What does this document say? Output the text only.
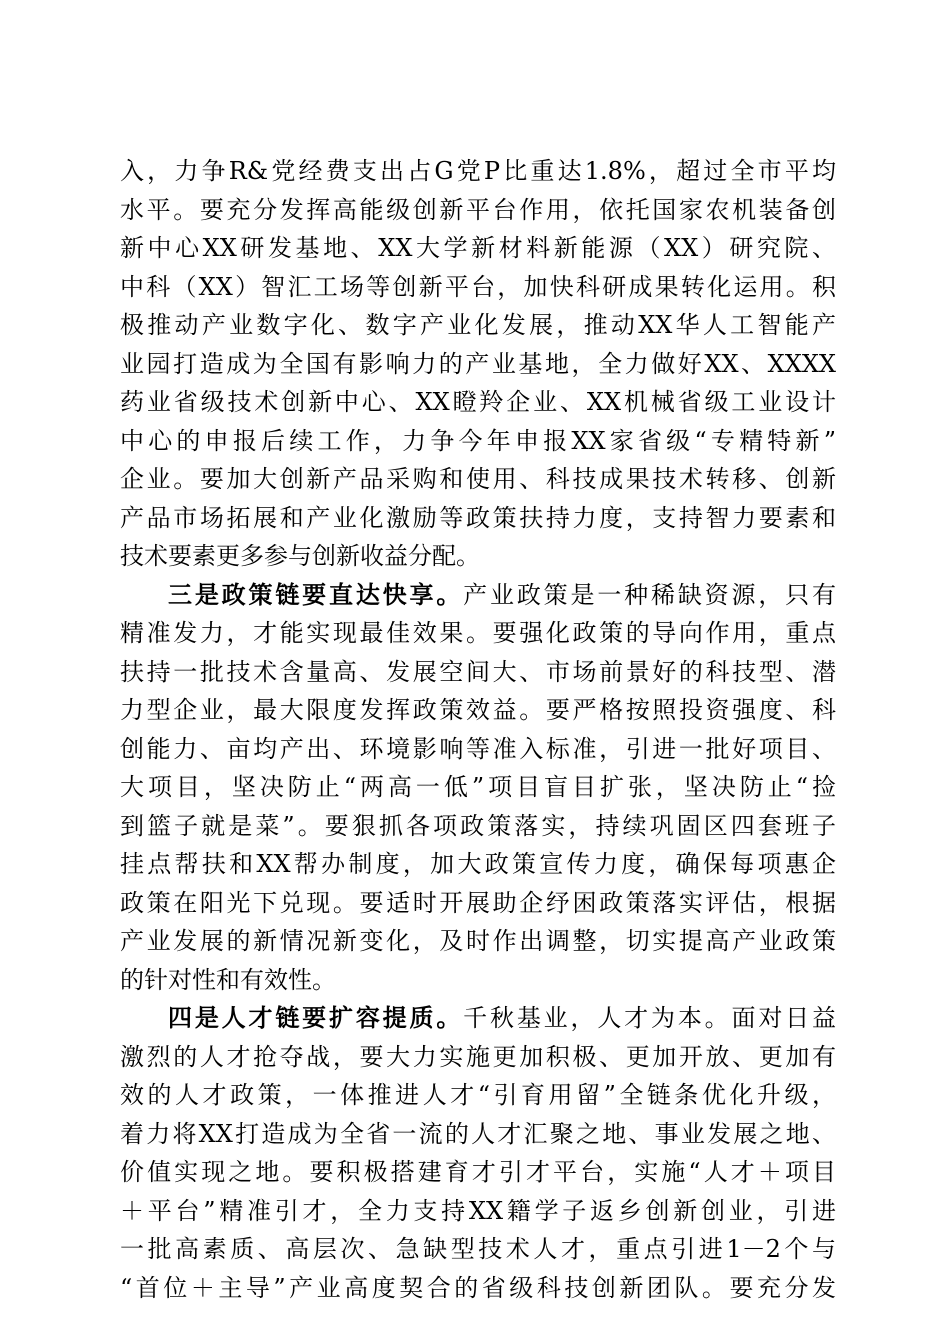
入，力争R&党经费支出占G党P比重达1.8%，超过全市平均
水平。要充分发挥高能级创新平台作用，依托国家农机装备创
新中心XX研发基地、XX大学新材料新能源（XX）研究院、
中科（XX）智汇工场等创新平台，加快科研成果转化运用。积
极推动产业数字化、数字产业化发展，推动XX华人工智能产
业园打造成为全国有影响力的产业基地，全力做好XX、XXXX
药业省级技术创新中心、XX瞪羚企业、XX机械省级工业设计
中心的申报后续工作，力争今年申报XX家省级“专精特新”
企业。要加大创新产品采购和使用、科技成果技术转移、创新
产品市场拓展和产业化激励等政策扶持力度，支持智力要素和
技术要素更多参与创新收益分配。
三是政策链要直达快享。产业政策是一种稀缺资源，只有
精准发力，才能实现最佳效果。要强化政策的导向作用，重点
扶持一批技术含量高、发展空间大、市场前景好的科技型、潜
力型企业，最大限度发挥政策效益。要严格按照投资强度、科
创能力、亩均产出、环境影响等准入标准，引进一批好项目、
大项目，坚决防止“两高一低”项目盲目扩张，坚决防止“捡
到篮子就是菜”。要狠抓各项政策落实，持续巩固区四套班子
挂点帮扶和XX帮办制度，加大政策宣传力度，确保每项惠企
政策在阳光下兑现。要适时开展助企纾困政策落实评估，根据
产业发展的新情况新变化，及时作出调整，切实提高产业政策
的针对性和有效性。
四是人才链要扩容提质。千秋基业，人才为本。面对日益
激烈的人才抢夺战，要大力实施更加积极、更加开放、更加有
效的人才政策，一体推进人才“引育用留”全链条优化升级，
着力将XX打造成为全省一流的人才汇聚之地、事业发展之地、
价值实现之地。要积极搭建育才引才平台，实施“人才＋项目
＋平台”精准引才，全力支持XX籍学子返乡创新创业，引进
一批高素质、高层次、急缺型技术人才，重点引进1－2个与
“首位＋主导”产业高度契合的省级科技创新团队。要充分发
